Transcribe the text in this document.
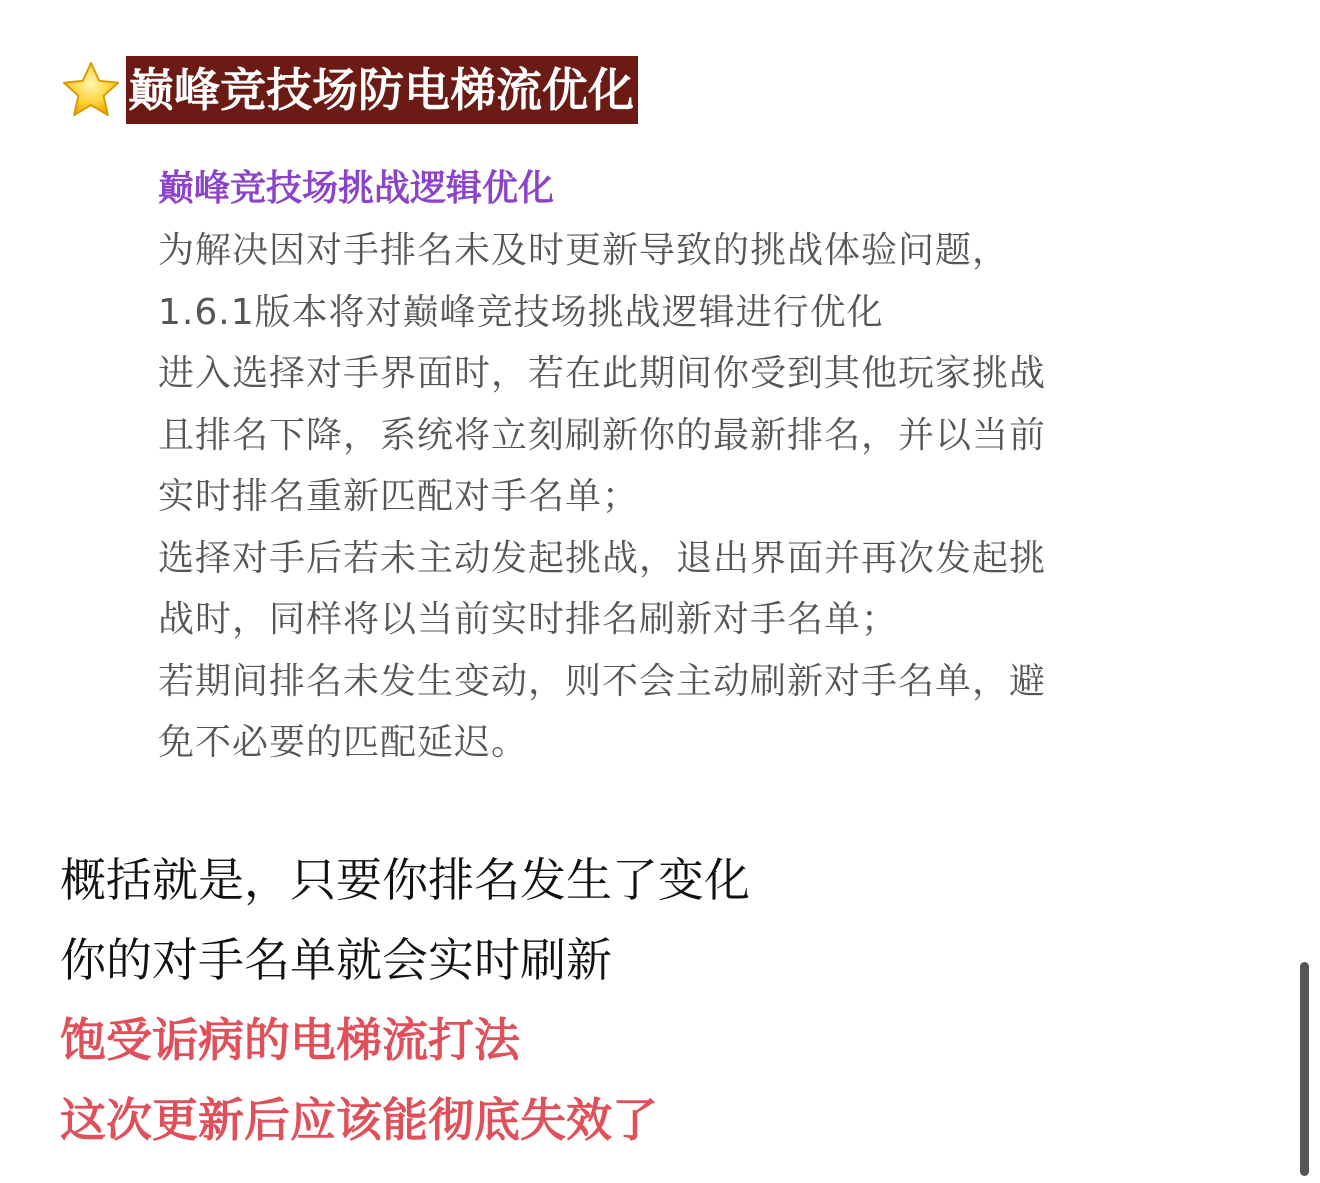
巅峰竞技场防电梯流优化
巅峰竞技场挑战逻辑优化
为解决因对手排名未及时更新导致的挑战体验问题，
1.6.1版本将对巅峰竞技场挑战逻辑进行优化
进入选择对手界面时，若在此期间你受到其他玩家挑战
且排名下降，系统将立刻刷新你的最新排名，并以当前
实时排名重新匹配对手名单；
选择对手后若未主动发起挑战，退出界面并再次发起挑
战时，同样将以当前实时排名刷新对手名单；
若期间排名未发生变动，则不会主动刷新对手名单，避
免不必要的匹配延迟。
概括就是，只要你排名发生了变化
你的对手名单就会实时刷新
饱受诟病的电梯流打法
这次更新后应该能彻底失效了
